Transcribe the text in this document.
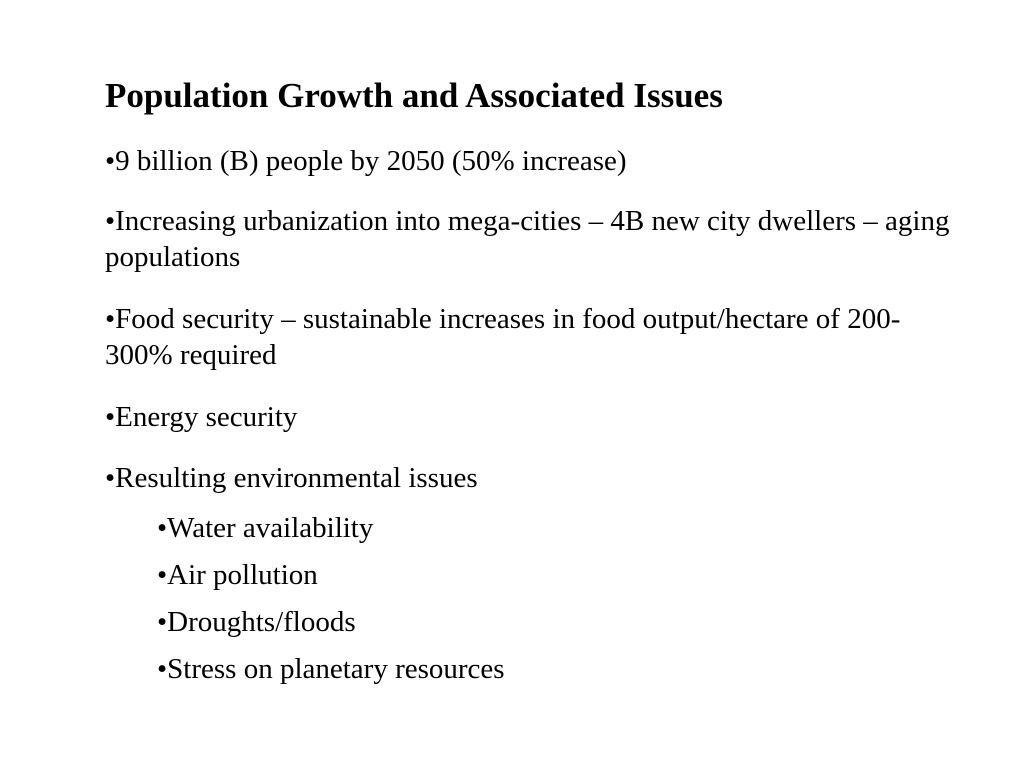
Population Growth and Associated Issues

•9 billion (B) people by 2050 (50% increase)

•Increasing urbanization into mega-cities – 4B new city dwellers – aging populations

•Food security – sustainable increases in food output/hectare of 200-300% required

•Energy security

•Resulting environmental issues

•Water availability

•Air pollution

•Droughts/floods

•Stress on planetary resources
